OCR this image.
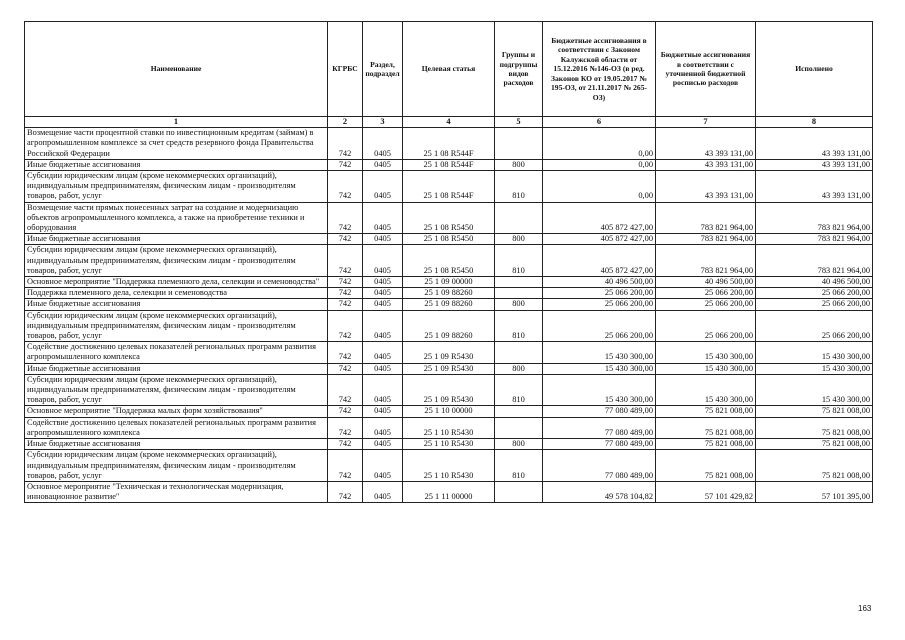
Наименование	КГРБС	Раздел, подраздел	Целевая статья	Группы и подгруппы видов расходов	Бюджетные ассигнования в соответствии с Законом Калужской области от 15.12.2016 №146-ОЗ (в ред. Законов КО от 19.05.2017 № 195-ОЗ, от 21.11.2017 № 265-ОЗ)	Бюджетные ассигнования в соответствии с уточненной бюджетной росписью расходов	Исполнено
1	2	3	4	5	6	7	8
Возмещение части процентной ставки по инвестиционным кредитам (займам) в агропромышленном комплексе за счет средств резервного фонда Правительства Российской Федерации	742	0405	25 1 08 R544F		0,00	43 393 131,00	43 393 131,00
Иные бюджетные ассигнования	742	0405	25 1 08 R544F	800	0,00	43 393 131,00	43 393 131,00
Субсидии юридическим лицам (кроме некоммерческих организаций), индивидуальным предпринимателям, физическим лицам - производителям товаров, работ, услуг	742	0405	25 1 08 R544F	810	0,00	43 393 131,00	43 393 131,00
Возмещение части прямых понесенных затрат на создание и модернизацию объектов агропромышленного комплекса, а также на приобретение техники и оборудования	742	0405	25 1 08 R5450		405 872 427,00	783 821 964,00	783 821 964,00
Иные бюджетные ассигнования	742	0405	25 1 08 R5450	800	405 872 427,00	783 821 964,00	783 821 964,00
Субсидии юридическим лицам (кроме некоммерческих организаций), индивидуальным предпринимателям, физическим лицам - производителям товаров, работ, услуг	742	0405	25 1 08 R5450	810	405 872 427,00	783 821 964,00	783 821 964,00
Основное мероприятие "Поддержка племенного дела, селекции и семеноводства"	742	0405	25 1 09 00000		40 496 500,00	40 496 500,00	40 496 500,00
Поддержка племенного дела, селекции и семеноводства	742	0405	25 1 09 88260		25 066 200,00	25 066 200,00	25 066 200,00
Иные бюджетные ассигнования	742	0405	25 1 09 88260	800	25 066 200,00	25 066 200,00	25 066 200,00
Субсидии юридическим лицам (кроме некоммерческих организаций), индивидуальным предпринимателям, физическим лицам - производителям товаров, работ, услуг	742	0405	25 1 09 88260	810	25 066 200,00	25 066 200,00	25 066 200,00
Содействие достижению целевых показателей региональных программ развития агропромышленного комплекса	742	0405	25 1 09 R5430		15 430 300,00	15 430 300,00	15 430 300,00
Иные бюджетные ассигнования	742	0405	25 1 09 R5430	800	15 430 300,00	15 430 300,00	15 430 300,00
Субсидии юридическим лицам (кроме некоммерческих организаций), индивидуальным предпринимателям, физическим лицам - производителям товаров, работ, услуг	742	0405	25 1 09 R5430	810	15 430 300,00	15 430 300,00	15 430 300,00
Основное мероприятие "Поддержка малых форм хозяйствования"	742	0405	25 1 10 00000		77 080 489,00	75 821 008,00	75 821 008,00
Содействие достижению целевых показателей региональных программ развития агропромышленного комплекса	742	0405	25 1 10 R5430		77 080 489,00	75 821 008,00	75 821 008,00
Иные бюджетные ассигнования	742	0405	25 1 10 R5430	800	77 080 489,00	75 821 008,00	75 821 008,00
Субсидии юридическим лицам (кроме некоммерческих организаций), индивидуальным предпринимателям, физическим лицам - производителям товаров, работ, услуг	742	0405	25 1 10 R5430	810	77 080 489,00	75 821 008,00	75 821 008,00
Основное мероприятие "Техническая и технологическая модернизация, инновационное развитие"	742	0405	25 1 11 00000		49 578 104,82	57 101 429,82	57 101 395,00
163
